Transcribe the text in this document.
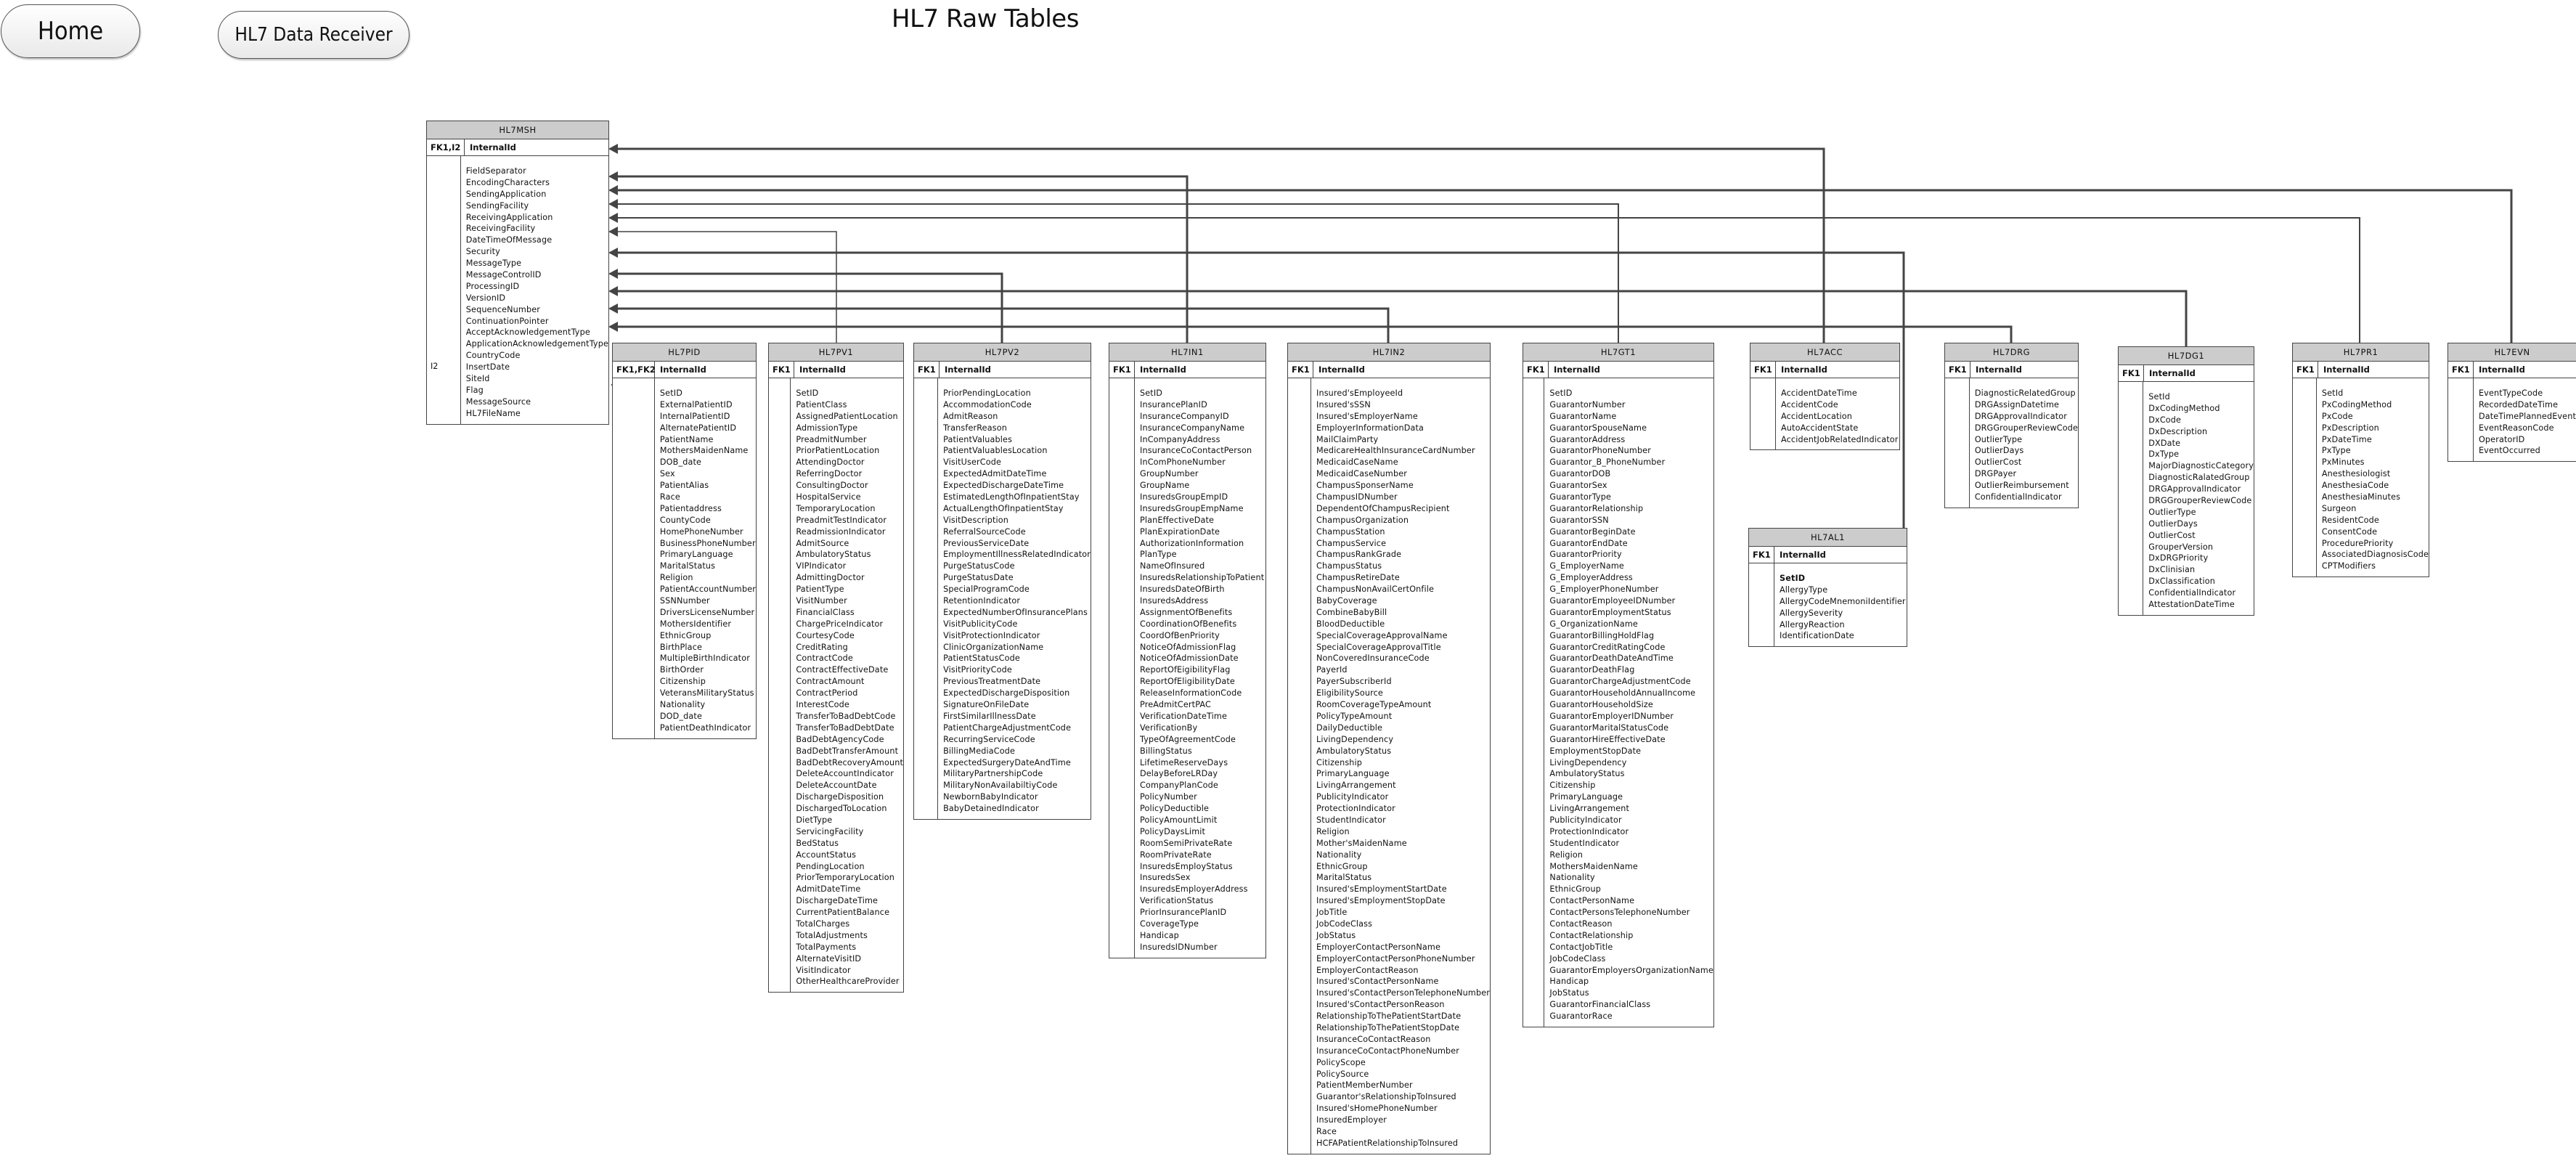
Home	HL7 Data Receiver
HL7 Raw Tables
HL7MSH
FK1,I2	InternalId
I2
FieldSeparator
EncodingCharacters
SendingApplication
SendingFacility
ReceivingApplication
ReceivingFacility
DateTimeOfMessage
Security
MessageType
MessageControlID
ProcessingID
VersionID
SequenceNumber
ContinuationPointer
AcceptAcknowledgementType
ApplicationAcknowledgementType
CountryCode
InsertDate
SiteId
Flag
MessageSource
HL7FileName
HL7PID
FK1,FK2 InternalId
SetID
ExternalPatientID
InternalPatientID
AlternatePatientID
PatientName
MothersMaidenName
DOB_date
Sex
PatientAlias
Race
Patientaddress
CountyCode
HomePhoneNumber
BusinessPhoneNumber
PrimaryLanguage
MaritalStatus
Religion
PatientAccountNumber
SSNNumber
DriversLicenseNumber
MothersIdentifier
EthnicGroup
BirthPlace
MultipleBirthIndicator
BirthOrder
Citizenship
VeteransMilitaryStatus
Nationality
DOD_date
PatientDeathIndicator
HL7PV1
FK1	InternalId
SetID
PatientClass
AssignedPatientLocation
AdmissionType
PreadmitNumber
PriorPatientLocation
AttendingDoctor
ReferringDoctor
ConsultingDoctor
HospitalService
TemporaryLocation
PreadmitTestIndicator
ReadmissionIndicator
AdmitSource
AmbulatoryStatus
VIPIndicator
AdmittingDoctor
PatientType
VisitNumber
FinancialClass
ChargePriceIndicator
CourtesyCode
CreditRating
ContractCode
ContractEffectiveDate
ContractAmount
ContractPeriod
InterestCode
TransferToBadDebtCode
TransferToBadDebtDate
BadDebtAgencyCode
BadDebtTransferAmount
BadDebtRecoveryAmount
DeleteAccountIndicator
DeleteAccountDate
DischargeDisposition
DischargedToLocation
DietType
ServicingFacility
BedStatus
AccountStatus
PendingLocation
PriorTemporaryLocation
AdmitDateTime
DischargeDateTime
CurrentPatientBalance
TotalCharges
TotalAdjustments
TotalPayments
AlternateVisitID
VisitIndicator
OtherHealthcareProvider
HL7PV2
FK1	InternalId
PriorPendingLocation
AccommodationCode
AdmitReason
TransferReason
PatientValuables
PatientValuablesLocation
VisitUserCode
ExpectedAdmitDateTime
ExpectedDischargeDateTime
EstimatedLengthOfInpatientStay
ActualLengthOfInpatientStay
VisitDescription
ReferralSourceCode
PreviousServiceDate
EmploymentIllnessRelatedIndicator
PurgeStatusCode
PurgeStatusDate
SpecialProgramCode
RetentionIndicator
ExpectedNumberOfInsurancePlans
VisitPublicityCode
VisitProtectionIndicator
ClinicOrganizationName
PatientStatusCode
VisitPriorityCode
PreviousTreatmentDate
ExpectedDischargeDisposition
SignatureOnFileDate
FirstSimilarIllnessDate
PatientChargeAdjustmentCode
RecurringServiceCode
BillingMediaCode
ExpectedSurgeryDateAndTime
MilitaryPartnershipCode
MilitaryNonAvailabiltiyCode
NewbornBabyIndicator
BabyDetainedIndicator
HL7IN1
FK1	InternalId
SetID
InsurancePlanID
InsuranceCompanyID
InsuranceCompanyName
InCompanyAddress
InsuranceCoContactPerson
InComPhoneNumber
GroupNumber
GroupName
InsuredsGroupEmpID
InsuredsGroupEmpName
PlanEffectiveDate
PlanExpirationDate
AuthorizationInformation
PlanType
NameOfInsured
InsuredsRelationshipToPatient
InsuredsDateOfBirth
InsuredsAddress
AssignmentOfBenefits
CoordinationOfBenefits
CoordOfBenPriority
NoticeOfAdmissionFlag
NoticeOfAdmissionDate
ReportOfEigibilityFlag
ReportOfEligibilityDate
ReleaseInformationCode
PreAdmitCertPAC
VerificationDateTime
VerificationBy
TypeOfAgreementCode
BillingStatus
LifetimeReserveDays
DelayBeforeLRDay
CompanyPlanCode
PolicyNumber
PolicyDeductible
PolicyAmountLimit
PolicyDaysLimit
RoomSemiPrivateRate
RoomPrivateRate
InsuredsEmployStatus
InsuredsSex
InsuredsEmployerAddress
VerificationStatus
PriorInsurancePlanID
CoverageType
Handicap
InsuredsIDNumber
HL7IN2
FK1	InternalId
Insured'sEmployeeId
Insured'sSSN
Insured'sEmployerName
EmployerInformationData
MailClaimParty
MedicareHealthInsuranceCardNumber
MedicaidCaseName
MedicaidCaseNumber
ChampusSponserName
ChampusIDNumber
DependentOfChampusRecipient
ChampusOrganization
ChampusStation
ChampusService
ChampusRankGrade
ChampusStatus
ChampusRetireDate
ChampusNonAvailCertOnfile
BabyCoverage
CombineBabyBill
BloodDeductible
SpecialCoverageApprovalName
SpecialCoverageApprovalTitle
NonCoveredInsuranceCode
PayerId
PayerSubscriberId
EligibilitySource
RoomCoverageTypeAmount
PolicyTypeAmount
DailyDeductible
LivingDependency
AmbulatoryStatus
Citizenship
PrimaryLanguage
LivingArrangement
PublicityIndicator
ProtectionIndicator
StudentIndicator
Religion
Mother'sMaidenName
Nationality
EthnicGroup
MaritalStatus
Insured'sEmploymentStartDate
Insured'sEmploymentStopDate
JobTitle
JobCodeClass
JobStatus
EmployerContactPersonName
EmployerContactPersonPhoneNumber
EmployerContactReason
Insured'sContactPersonName
Insured'sContactPersonTelephoneNumber
Insured'sContactPersonReason
RelationshipToThePatientStartDate
RelationshipToThePatientStopDate
InsuranceCoContactReason
InsuranceCoContactPhoneNumber
PolicyScope
PolicySource
PatientMemberNumber
Guarantor'sRelationshipToInsured
Insured'sHomePhoneNumber
InsuredEmployer
Race
HCFAPatientRelationshipToInsured
HL7GT1
FK1	InternalId
SetID
GuarantorNumber
GuarantorName
GuarantorSpouseName
GuarantorAddress
GuarantorPhoneNumber
Guarantor_B_PhoneNumber
GuarantorDOB
GuarantorSex
GuarantorType
GuarantorRelationship
GuarantorSSN
GuarantorBeginDate
GuarantorEndDate
GuarantorPriority
G_EmployerName
G_EmployerAddress
G_EmployerPhoneNumber
GuarantorEmployeeIDNumber
GuarantorEmploymentStatus
G_OrganizationName
GuarantorBillingHoldFlag
GuarantorCreditRatingCode
GuarantorDeathDateAndTime
GuarantorDeathFlag
GuarantorChargeAdjustmentCode
GuarantorHouseholdAnnualIncome
GuarantorHouseholdSize
GuarantorEmployerIDNumber
GuarantorMaritalStatusCode
GuarantorHireEffectiveDate
EmploymentStopDate
LivingDependency
AmbulatoryStatus
Citizenship
PrimaryLanguage
LivingArrangement
PublicityIndicator
ProtectionIndicator
StudentIndicator
Religion
MothersMaidenName
Nationality
EthnicGroup
ContactPersonName
ContactPersonsTelephoneNumber
ContactReason
ContactRelationship
ContactJobTitle
JobCodeClass
GuarantorEmployersOrganizationName
Handicap
JobStatus
GuarantorFinancialClass
GuarantorRace
HL7ACC
FK1	InternalId
AccidentDateTime
AccidentCode
AccidentLocation
AutoAccidentState
AccidentJobRelatedIndicator
HL7AL1
FK1	InternalId
SetID
AllergyType
AllergyCodeMnemoniIdentifier
AllergySeverity
AllergyReaction
IdentificationDate
HL7DRG
FK1	InternalId
DiagnosticRelatedGroup
DRGAssignDatetime
DRGApprovalIndicator
DRGGrouperReviewCode
OutlierType
OutlierDays
OutlierCost
DRGPayer
OutlierReimbursement
ConfidentialIndicator
HL7DG1
FK1	InternalId
SetId
DxCodingMethod
DxCode
DxDescription
DXDate
DxType
MajorDiagnosticCategory
DiagnosticRalatedGroup
DRGApprovalIndicator
DRGGrouperReviewCode
OutlierType
OutlierDays
OutlierCost
GrouperVersion
DxDRGPriority
DxClinisian
DxClassification
ConfidentialIndicator
AttestationDateTime
HL7PR1
FK1	InternalId
SetId
PxCodingMethod
PxCode
PxDescription
PxDateTime
PxType
PxMinutes
Anesthesiologist
AnesthesiaCode
AnesthesiaMinutes
Surgeon
ResidentCode
ConsentCode
ProcedurePriority
AssociatedDiagnosisCode
CPTModifiers
HL7EVN
FK1	InternalId
EventTypeCode
RecordedDateTime
DateTimePlannedEvent
EventReasonCode
OperatorID
EventOccurred
